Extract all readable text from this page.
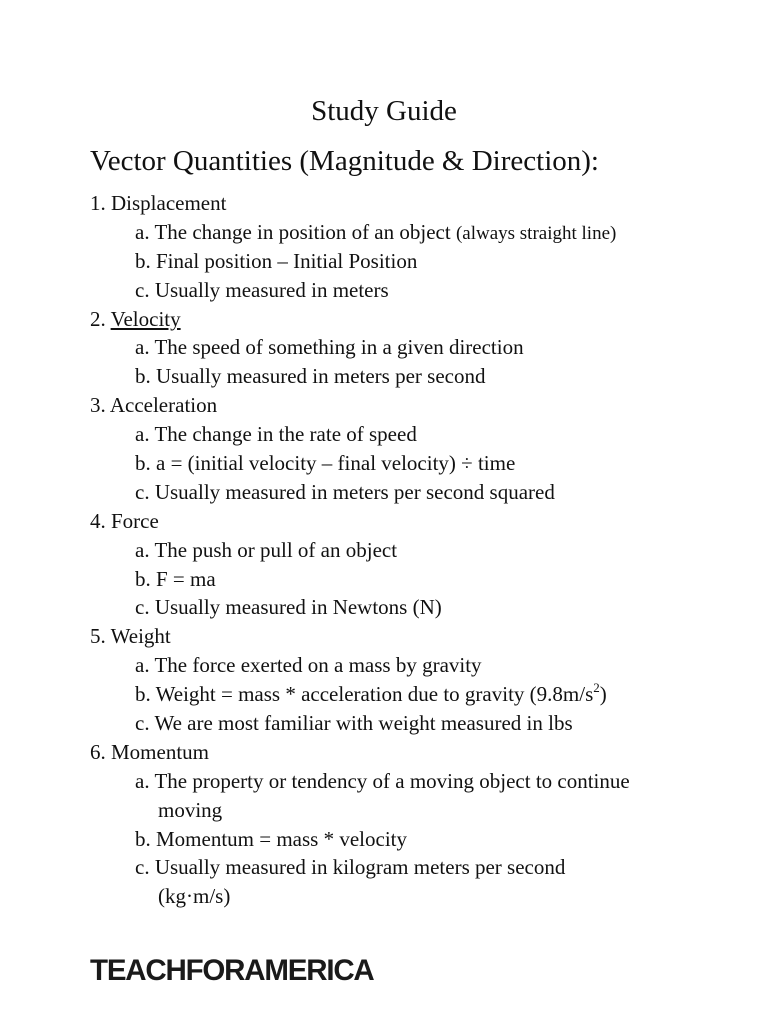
Study Guide
Vector Quantities (Magnitude & Direction):
1. Displacement
a. The change in position of an object (always straight line)
b. Final position – Initial Position
c. Usually measured in meters
2. Velocity
a. The speed of something in a given direction
b. Usually measured in meters per second
3. Acceleration
a. The change in the rate of speed
b. a = (initial velocity – final velocity) ÷ time
c. Usually measured in meters per second squared
4. Force
a. The push or pull of an object
b. F = ma
c. Usually measured in Newtons (N)
5. Weight
a. The force exerted on a mass by gravity
b. Weight = mass * acceleration due to gravity $(9.8m/s^2)$
c. We are most familiar with weight measured in lbs
6. Momentum
a. The property or tendency of a moving object to continue
moving
b. Momentum = mass * velocity
c. Usually measured in kilogram meters per second
(kg·m/s)
TEACHFORAMERICA
